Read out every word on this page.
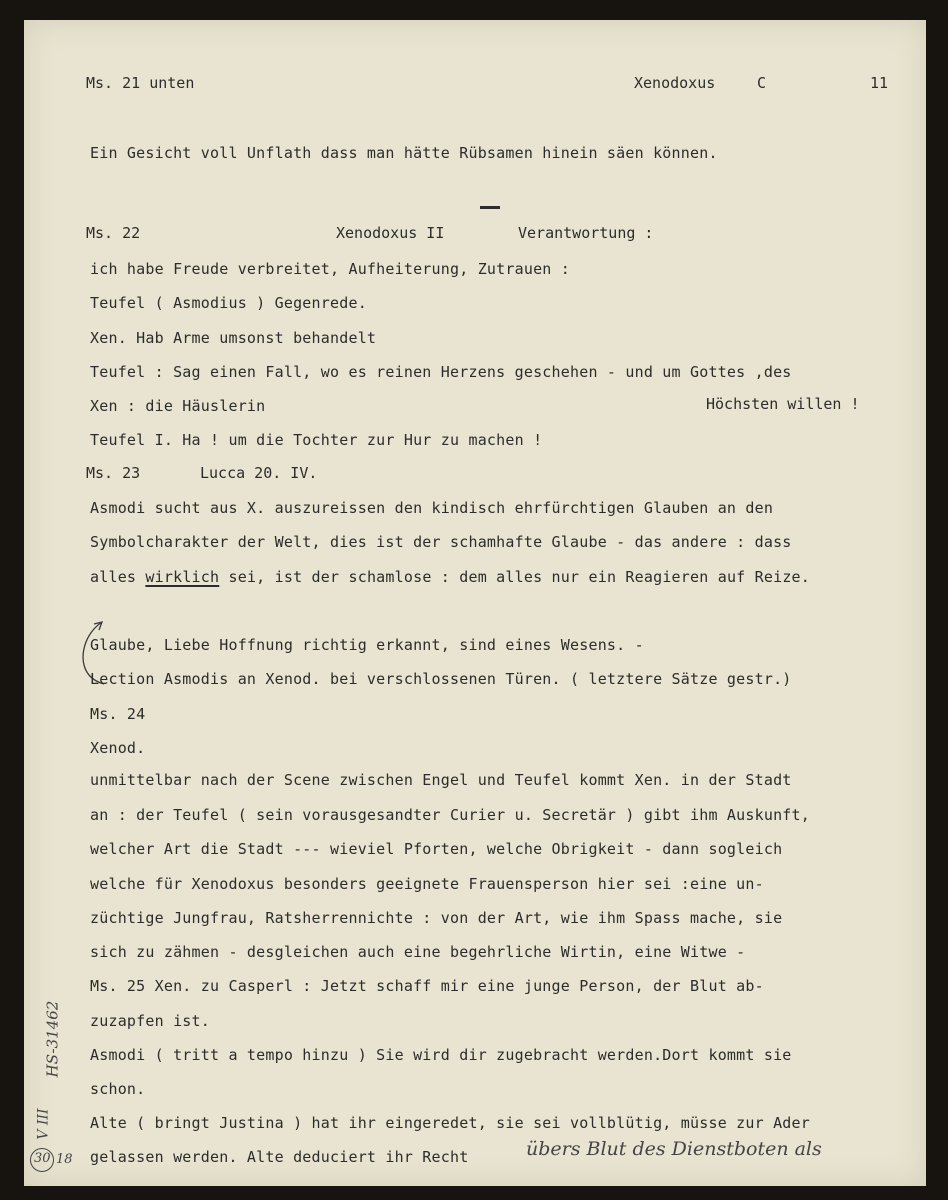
Ms. 21 unten	Xenodoxus	C	11
Ein Gesicht voll Unflath dass man hätte Rübsamen hinein säen können.
Ms. 22	Xenodoxus II	Verantwortung :
ich habe Freude verbreitet, Aufheiterung, Zutrauen :
Teufel ( Asmodius ) Gegenrede.
Xen. Hab Arme umsonst behandelt
Teufel : Sag einen Fall, wo es reinen Herzens geschehen - und um Gottes ,des
Xen : die Häuslerin	Höchsten willen !
Teufel I. Ha ! um die Tochter zur Hur zu machen !
Ms. 23	Lucca 20. IV.
Asmodi sucht aus X. auszureissen den kindisch ehrfürchtigen Glauben an den
Symbolcharakter der Welt, dies ist der schamhafte Glaube - das andere : dass
alles wirklich sei, ist der schamlose : dem alles nur ein Reagieren auf Reize.
Glaube, Liebe Hoffnung richtig erkannt, sind eines Wesens. -
Lection Asmodis an Xenod. bei verschlossenen Türen. ( letztere Sätze gestr.)
Ms. 24
Xenod.
unmittelbar nach der Scene zwischen Engel und Teufel kommt Xen. in der Stadt
an : der Teufel ( sein vorausgesandter Curier u. Secretär ) gibt ihm Auskunft,
welcher Art die Stadt --- wieviel Pforten, welche Obrigkeit - dann sogleich
welche für Xenodoxus besonders geeignete Frauensperson hier sei :eine un-
züchtige Jungfrau, Ratsherrennichte : von der Art, wie ihm Spass mache, sie
sich zu zähmen - desgleichen auch eine begehrliche Wirtin, eine Witwe -
Ms. 25 Xen. zu Casperl : Jetzt schaff mir eine junge Person, der Blut ab-
zuzapfen ist.
Asmodi ( tritt a tempo hinzu ) Sie wird dir zugebracht werden.Dort kommt sie
schon.
Alte ( bringt Justina ) hat ihr eingeredet, sie sei vollblütig, müsse zur Ader
gelassen werden. Alte deduciert ihr Recht	übers Blut des Dienstboten als
HS-31462
V III
30 18
